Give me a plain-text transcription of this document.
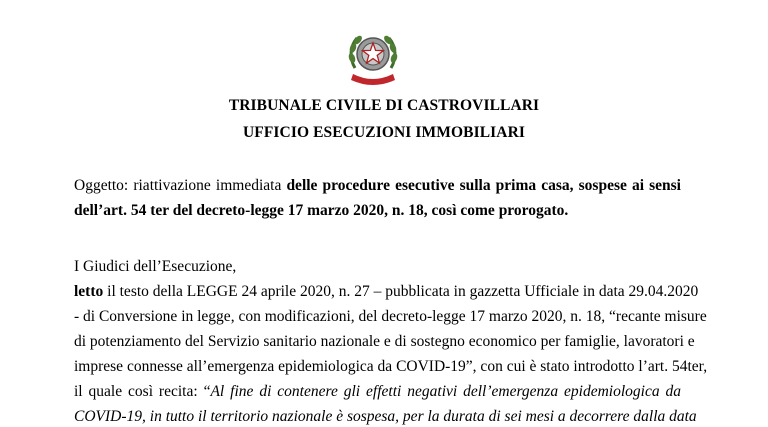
TRIBUNALE CIVILE DI CASTROVILLARI
UFFICIO ESECUZIONI IMMOBILIARI
Oggetto: riattivazione immediata delle procedure esecutive sulla prima casa, sospese ai sensi
dell’art. 54 ter del decreto-legge 17 marzo 2020, n. 18, così come prorogato.
I Giudici dell’Esecuzione,
letto il testo della LEGGE 24 aprile 2020, n. 27 – pubblicata in gazzetta Ufficiale in data 29.04.2020
- di Conversione in legge, con modificazioni, del decreto-legge 17 marzo 2020, n. 18, “recante misure
di potenziamento del Servizio sanitario nazionale e di sostegno economico per famiglie, lavoratori e
imprese connesse all’emergenza epidemiologica da COVID-19”, con cui è stato introdotto l’art. 54ter,
il quale così recita: “Al fine di contenere gli effetti negativi dell’emergenza epidemiologica da
COVID-19, in tutto il territorio nazionale è sospesa, per la durata di sei mesi a decorrere dalla data
